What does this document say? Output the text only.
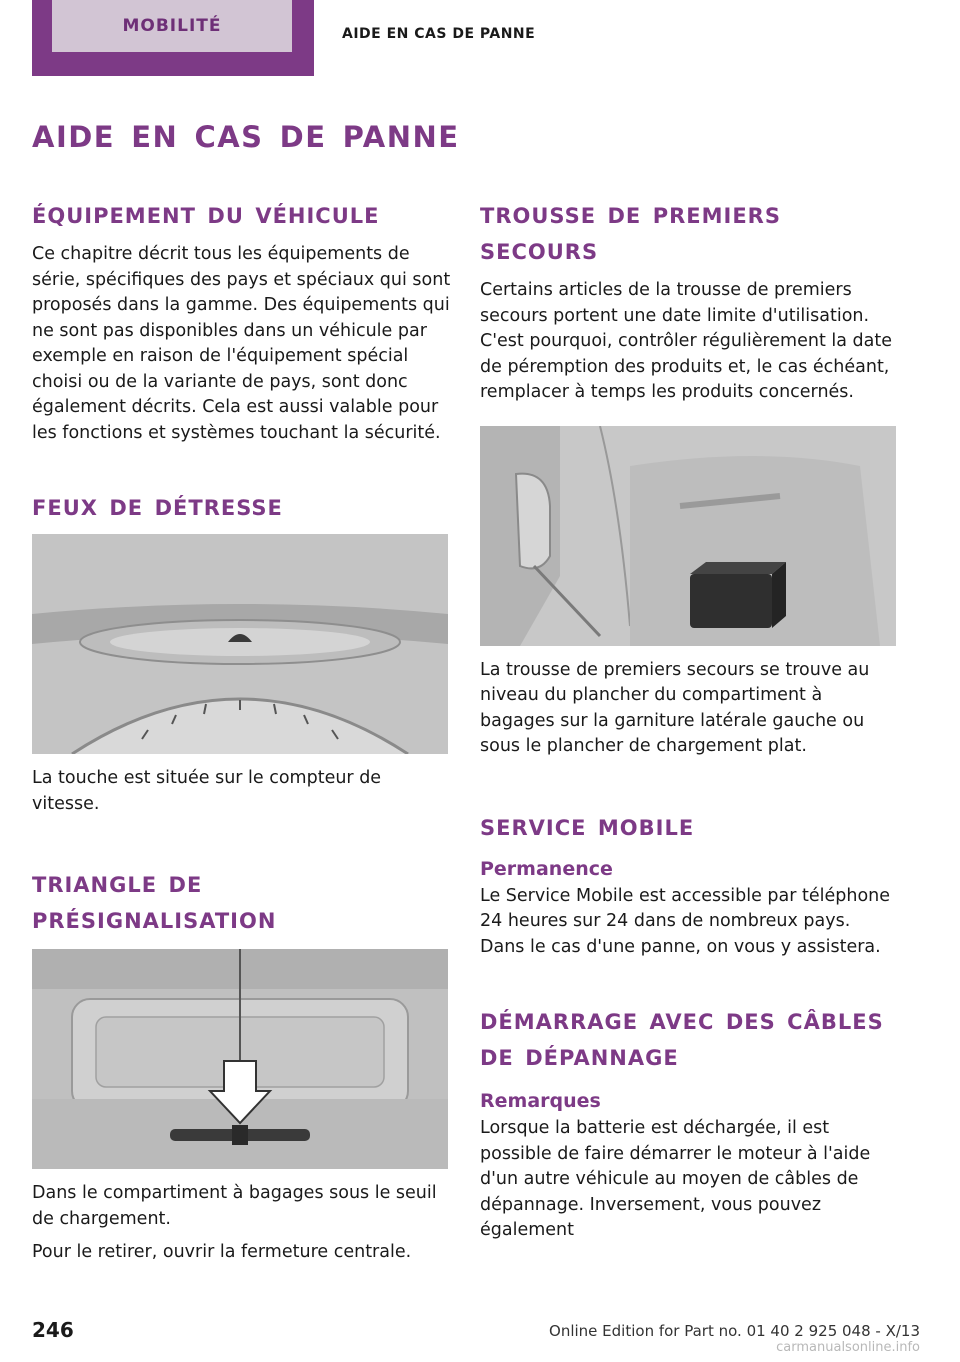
MOBILITÉ	AIDE EN CAS DE PANNE
aide en cas de panne
équipement du véhicule

Ce chapitre décrit tous les équipements de série, spécifiques des pays et spéciaux qui sont proposés dans la gamme. Des équipements qui ne sont pas disponibles dans un véhicule par exemple en raison de l'équipement spécial choisi ou de la variante de pays, sont donc également décrits. Cela est aussi valable pour les fonctions et systèmes touchant la sécurité.

feux de détresse

La touche est située sur le compteur de vitesse.

triangle de présignalisation

Dans le compartiment à bagages sous le seuil de chargement.

Pour le retirer, ouvrir la fermeture centrale.

trousse de premiers secours

Certains articles de la trousse de premiers secours portent une date limite d'utilisation. C'est pourquoi, contrôler régulièrement la date de péremption des produits et, le cas échéant, remplacer à temps les produits concernés.

La trousse de premiers secours se trouve au niveau du plancher du compartiment à bagages sur la garniture latérale gauche ou sous le plancher de chargement plat.

service mobile
Permanence

Le Service Mobile est accessible par téléphone 24 heures sur 24 dans de nombreux pays. Dans le cas d'une panne, on vous y assistera.

démarrage avec des câbles de dépannage
Remarques

Lorsque la batterie est déchargée, il est possible de faire démarrer le moteur à l'aide d'un autre véhicule au moyen de câbles de dépannage. Inversement, vous pouvez également

246	Online Edition for Part no. 01 40 2 925 048 - X/13
carmanualsonline.info
